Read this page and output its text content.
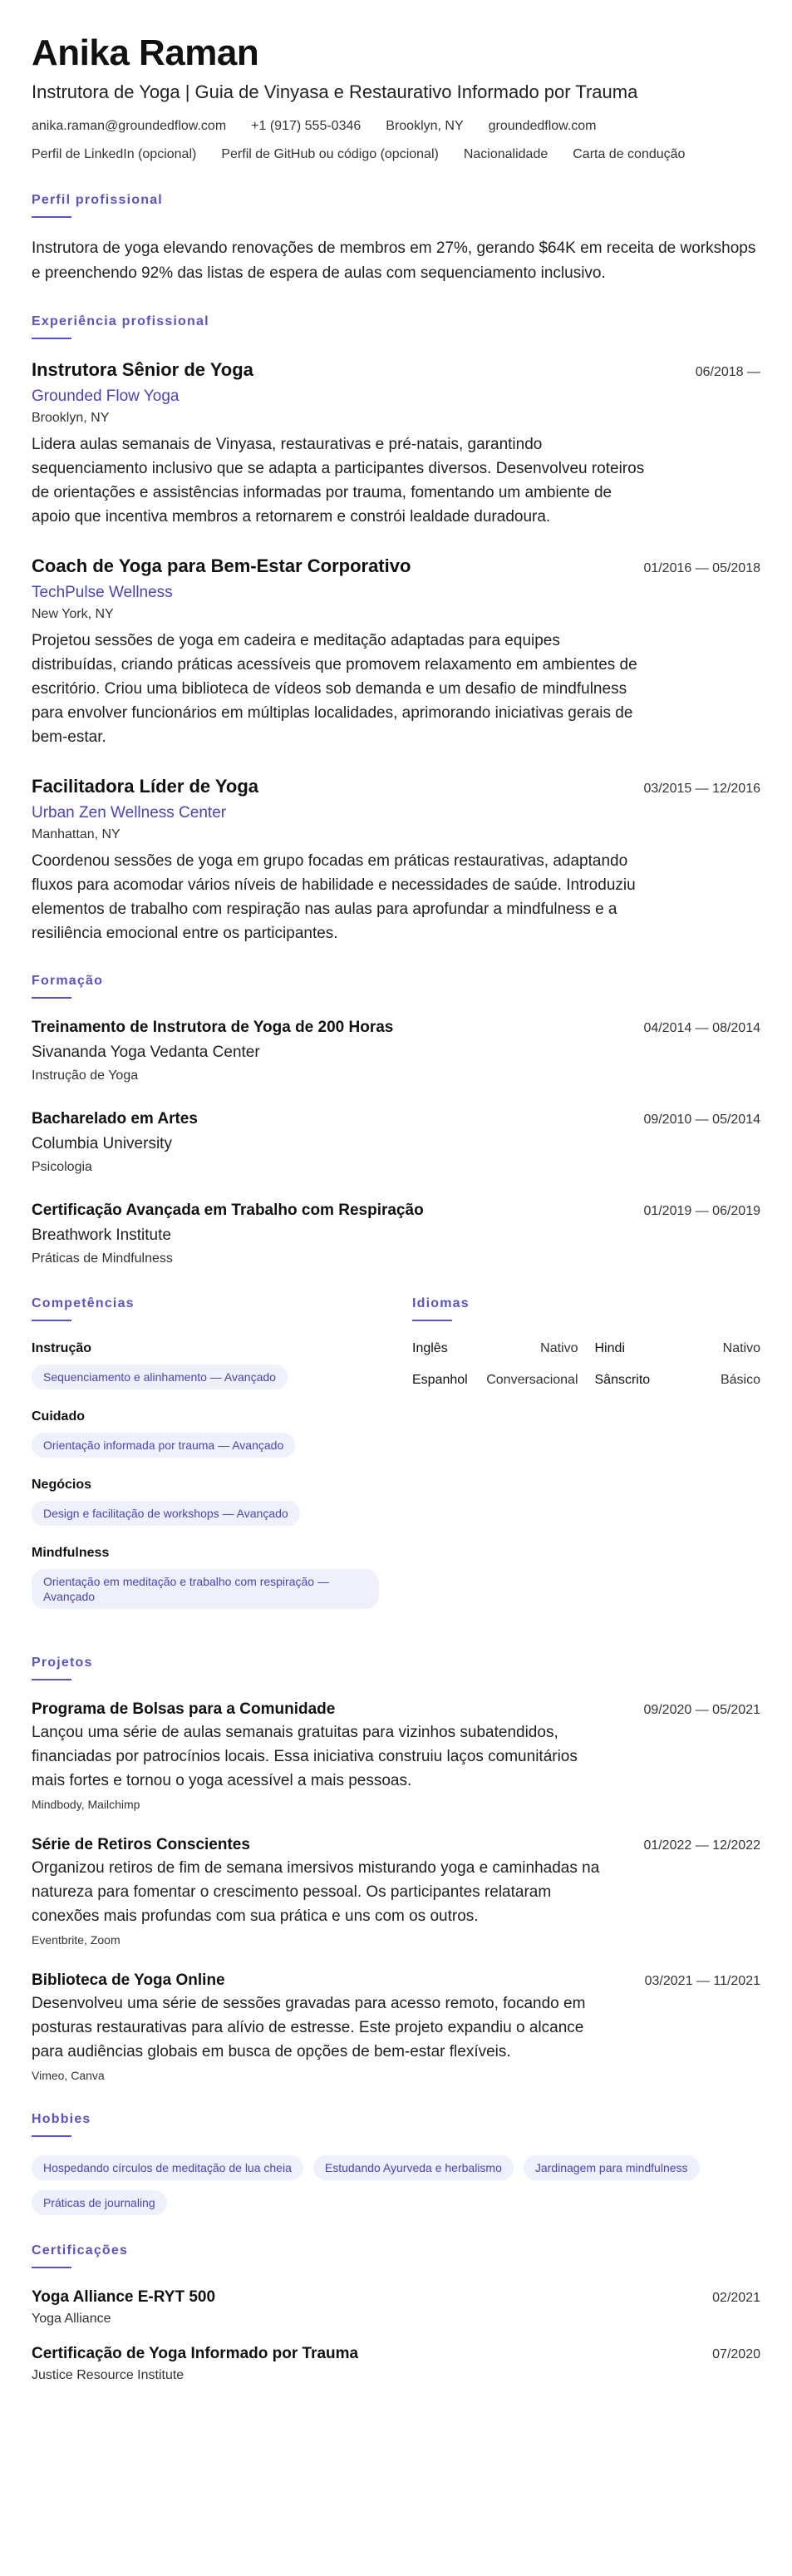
Anika Raman
Instrutora de Yoga | Guia de Vinyasa e Restaurativo Informado por Trauma
anika.raman@groundedflow.com +1 (917) 555-0346 Brooklyn, NY groundedflow.com
Perfil de LinkedIn (opcional) Perfil de GitHub ou código (opcional) Nacionalidade Carta de condução
Perfil profissional
Instrutora de yoga elevando renovações de membros em 27%, gerando $64K em receita de workshops e preenchendo 92% das listas de espera de aulas com sequenciamento inclusivo.
Experiência profissional
Instrutora Sênior de Yoga	06/2018 —
Grounded Flow Yoga
Brooklyn, NY
Lidera aulas semanais de Vinyasa, restaurativas e pré-natais, garantindo sequenciamento inclusivo que se adapta a participantes diversos. Desenvolveu roteiros de orientações e assistências informadas por trauma, fomentando um ambiente de apoio que incentiva membros a retornarem e constrói lealdade duradoura.
Coach de Yoga para Bem-Estar Corporativo	01/2016 — 05/2018
TechPulse Wellness
New York, NY
Projetou sessões de yoga em cadeira e meditação adaptadas para equipes distribuídas, criando práticas acessíveis que promovem relaxamento em ambientes de escritório. Criou uma biblioteca de vídeos sob demanda e um desafio de mindfulness para envolver funcionários em múltiplas localidades, aprimorando iniciativas gerais de bem-estar.
Facilitadora Líder de Yoga	03/2015 — 12/2016
Urban Zen Wellness Center
Manhattan, NY
Coordenou sessões de yoga em grupo focadas em práticas restaurativas, adaptando fluxos para acomodar vários níveis de habilidade e necessidades de saúde. Introduziu elementos de trabalho com respiração nas aulas para aprofundar a mindfulness e a resiliência emocional entre os participantes.
Formação
Treinamento de Instrutora de Yoga de 200 Horas	04/2014 — 08/2014
Sivananda Yoga Vedanta Center
Instrução de Yoga
Bacharelado em Artes	09/2010 — 05/2014
Columbia University
Psicologia
Certificação Avançada em Trabalho com Respiração	01/2019 — 06/2019
Breathwork Institute
Práticas de Mindfulness
Competências
Instrução
Sequenciamento e alinhamento — Avançado
Cuidado
Orientação informada por trauma — Avançado
Negócios
Design e facilitação de workshops — Avançado
Mindfulness
Orientação em meditação e trabalho com respiração — Avançado
Idiomas
Inglês	Nativo Hindi	Nativo
Espanhol Conversacional Sânscrito	Básico
Projetos
Programa de Bolsas para a Comunidade	09/2020 — 05/2021
Lançou uma série de aulas semanais gratuitas para vizinhos subatendidos, financiadas por patrocínios locais. Essa iniciativa construiu laços comunitários mais fortes e tornou o yoga acessível a mais pessoas.
Mindbody, Mailchimp
Série de Retiros Conscientes	01/2022 — 12/2022
Organizou retiros de fim de semana imersivos misturando yoga e caminhadas na natureza para fomentar o crescimento pessoal. Os participantes relataram conexões mais profundas com sua prática e uns com os outros.
Eventbrite, Zoom
Biblioteca de Yoga Online	03/2021 — 11/2021
Desenvolveu uma série de sessões gravadas para acesso remoto, focando em posturas restaurativas para alívio de estresse. Este projeto expandiu o alcance para audiências globais em busca de opções de bem-estar flexíveis.
Vimeo, Canva
Hobbies
Hospedando círculos de meditação de lua cheia	Estudando Ayurveda e herbalismo	Jardinagem para mindfulness
Práticas de journaling
Certificações
Yoga Alliance E-RYT 500	02/2021
Yoga Alliance
Certificação de Yoga Informado por Trauma	07/2020
Justice Resource Institute
